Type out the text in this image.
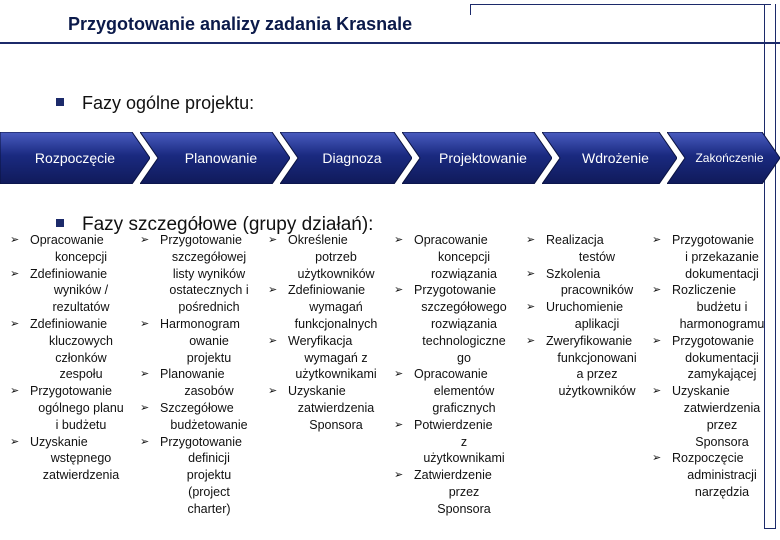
Przygotowanie analizy zadania Krasnale
Fazy ogólne projektu:
Rozpoczęcie	Planowanie	Diagnoza	Projektowanie	Wdrożenie	Zakończenie
Fazy szczegółowe (grupy działań):
➢ Opracowanie
koncepcji
➢ Zdefiniowanie
wyników /
rezultatów
➢ Zdefiniowanie
kluczowych
członków
zespołu
➢ Przygotowanie
ogólnego planu
i budżetu
➢ Uzyskanie
wstępnego
zatwierdzenia
➢ Przygotowanie
szczegółowej
listy wyników
ostatecznych i
pośrednich
➢ Harmonogram
owanie
projektu
➢ Planowanie
zasobów
➢ Szczegółowe
budżetowanie
➢ Przygotowanie
definicji
projektu
(project
charter)
➢ Określenie
potrzeb
użytkowników
➢ Zdefiniowanie
wymagań
funkcjonalnych
➢ Weryfikacja
wymagań z
użytkownikami
➢ Uzyskanie
zatwierdzenia
Sponsora
➢ Opracowanie
koncepcji
rozwiązania
➢ Przygotowanie
szczegółowego
rozwiązania
technologiczne
go
➢ Opracowanie
elementów
graficznych
➢ Potwierdzenie
z
użytkownikami
➢ Zatwierdzenie
przez
Sponsora
➢ Realizacja
testów
➢ Szkolenia
pracowników
➢ Uruchomienie
aplikacji
➢ Zweryfikowanie
funkcjonowani
a przez
użytkowników
➢ Przygotowanie
i przekazanie
dokumentacji
➢ Rozliczenie
budżetu i
harmonogramu
➢ Przygotowanie
dokumentacji
zamykającej
➢ Uzyskanie
zatwierdzenia
przez
Sponsora
➢ Rozpoczęcie
administracji
narzędzia
